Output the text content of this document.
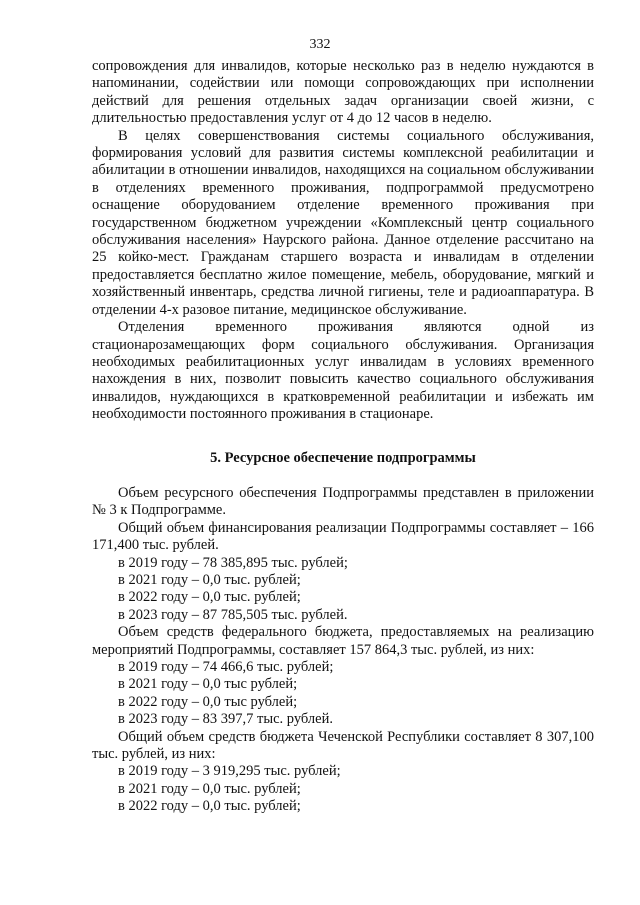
332

сопровождения для инвалидов, которые несколько раз в неделю нуждаются в напоминании, содействии или помощи сопровождающих при исполнении действий для решения отдельных задач организации своей жизни, с длительностью предоставления услуг от 4 до 12 часов в неделю.

В целях совершенствования системы социального обслуживания, формирования условий для развития системы комплексной реабилитации и абилитации в отношении инвалидов, находящихся на социальном обслуживании в отделениях временного проживания, подпрограммой предусмотрено оснащение оборудованием отделение временного проживания при государственном бюджетном учреждении «Комплексный центр социального обслуживания населения» Наурского района. Данное отделение рассчитано на 25 койко-мест. Гражданам старшего возраста и инвалидам в отделении предоставляется бесплатно жилое помещение, мебель, оборудование, мягкий и хозяйственный инвентарь, средства личной гигиены, теле и радиоаппаратура. В отделении 4-х разовое питание, медицинское обслуживание.

Отделения временного проживания являются одной из стационарозамещающих форм социального обслуживания. Организация необходимых реабилитационных услуг инвалидам в условиях временного нахождения в них, позволит повысить качество социального обслуживания инвалидов, нуждающихся в кратковременной реабилитации и избежать им необходимости постоянного проживания в стационаре.

5. Ресурсное обеспечение подпрограммы

Объем ресурсного обеспечения Подпрограммы представлен в приложении № 3 к Подпрограмме.

Общий объем финансирования реализации Подпрограммы составляет – 166 171,400 тыс. рублей.

в 2019 году – 78 385,895 тыс. рублей;
в 2021 году – 0,0 тыс. рублей;
в 2022 году – 0,0 тыс. рублей;
в 2023 году – 87 785,505 тыс. рублей.

Объем средств федерального бюджета, предоставляемых на реализацию мероприятий Подпрограммы, составляет 157 864,3 тыс. рублей, из них:

в 2019 году – 74 466,6 тыс. рублей;
в 2021 году – 0,0 тыс рублей;
в 2022 году – 0,0 тыс рублей;
в 2023 году – 83 397,7 тыс. рублей.

Общий объем средств бюджета Чеченской Республики составляет 8 307,100 тыс. рублей, из них:

в 2019 году – 3 919,295 тыс. рублей;
в 2021 году – 0,0 тыс. рублей;
в 2022 году – 0,0 тыс. рублей;
